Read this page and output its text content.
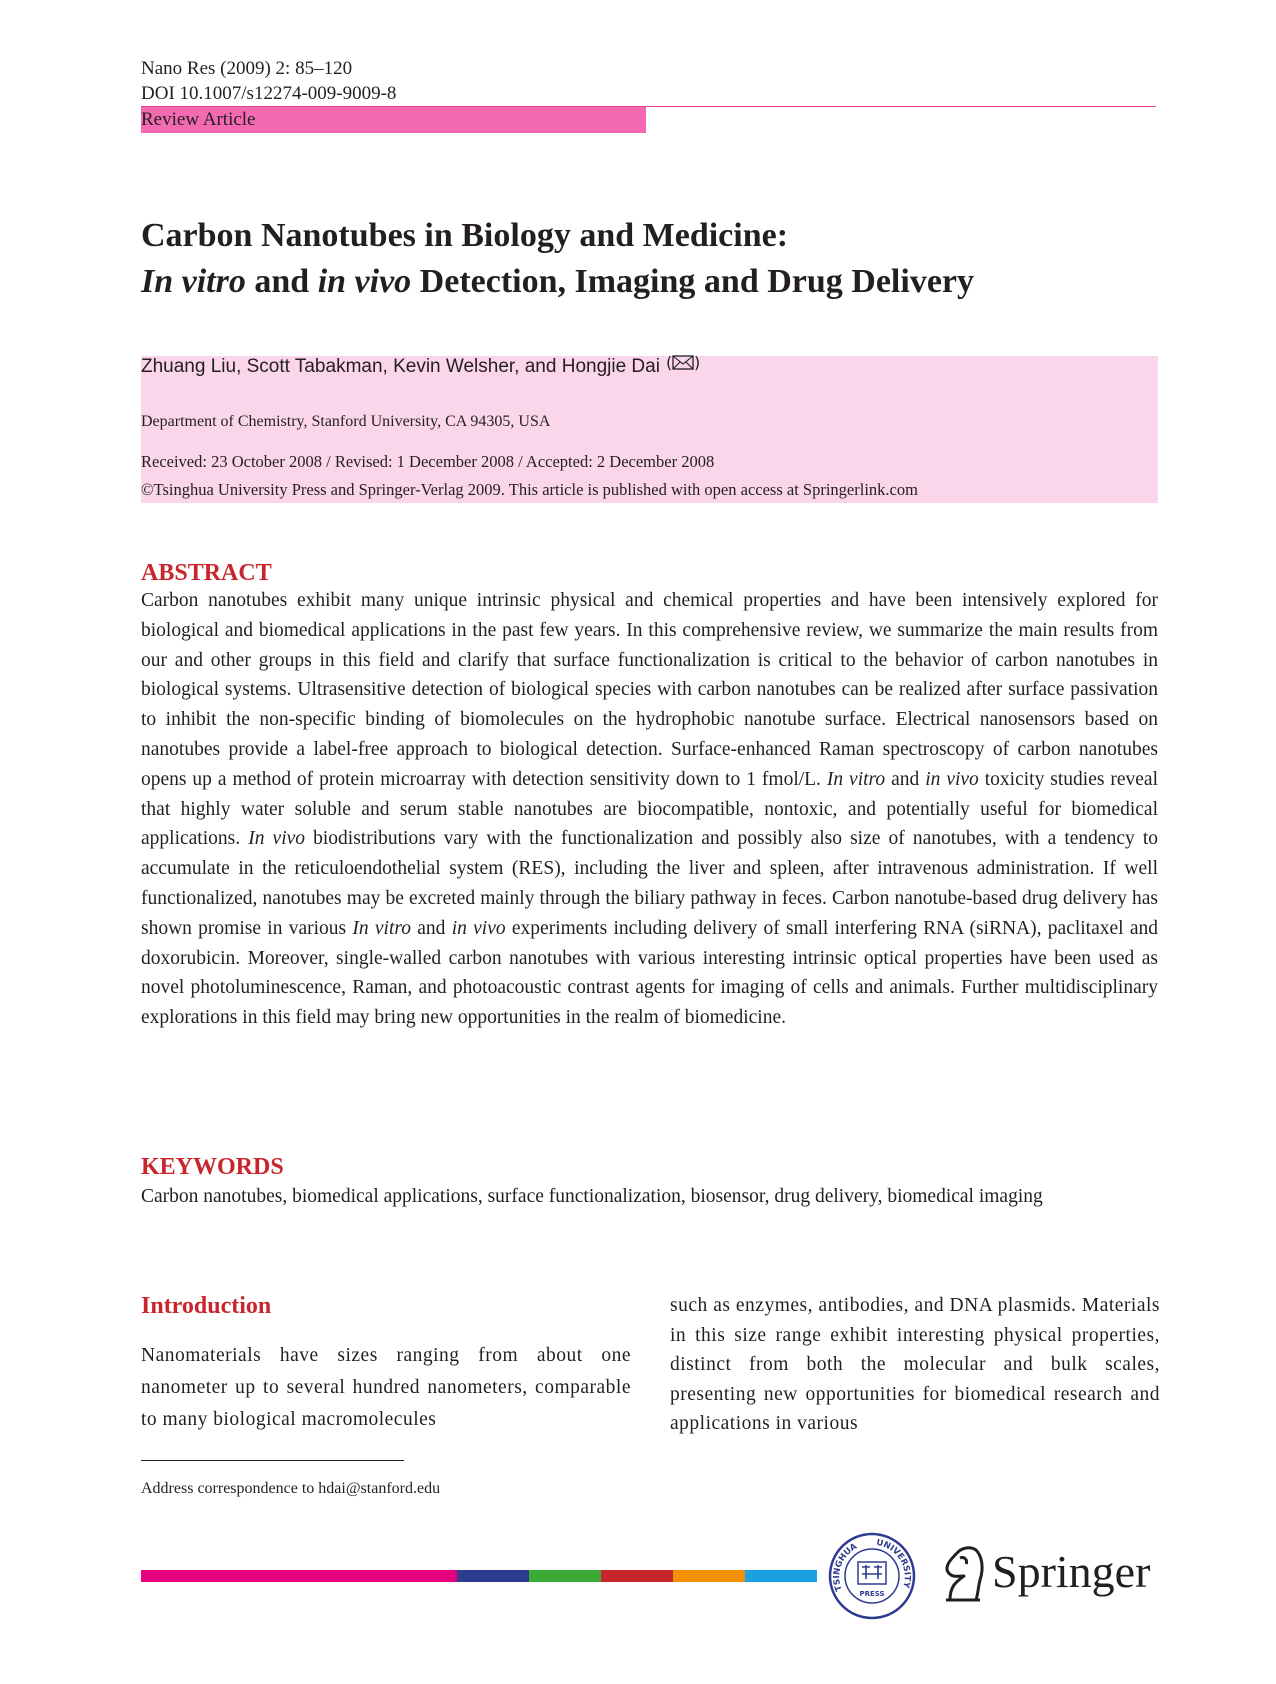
Nano Res (2009) 2: 85–120
DOI 10.1007/s12274-009-9009-8
Review Article
Carbon Nanotubes in Biology and Medicine:
In vitro and in vivo Detection, Imaging and Drug Delivery
Zhuang Liu, Scott Tabakman, Kevin Welsher, and Hongjie Dai ( )
Department of Chemistry, Stanford University, CA 94305, USA
Received: 23 October 2008 / Revised: 1 December 2008 / Accepted: 2 December 2008
©Tsinghua University Press and Springer-Verlag 2009. This article is published with open access at Springerlink.com
ABSTRACT
Carbon nanotubes exhibit many unique intrinsic physical and chemical properties and have been intensively explored for biological and biomedical applications in the past few years. In this comprehensive review, we summarize the main results from our and other groups in this field and clarify that surface functionalization is critical to the behavior of carbon nanotubes in biological systems. Ultrasensitive detection of biological species with carbon nanotubes can be realized after surface passivation to inhibit the non-specific binding of biomolecules on the hydrophobic nanotube surface. Electrical nanosensors based on nanotubes provide a label-free approach to biological detection. Surface-enhanced Raman spectroscopy of carbon nanotubes opens up a method of protein microarray with detection sensitivity down to 1 fmol/L. In vitro and in vivo toxicity studies reveal that highly water soluble and serum stable nanotubes are biocompatible, nontoxic, and potentially useful for biomedical applications. In vivo biodistributions vary with the functionalization and possibly also size of nanotubes, with a tendency to accumulate in the reticuloendothelial system (RES), including the liver and spleen, after intravenous administration. If well functionalized, nanotubes may be excreted mainly through the biliary pathway in feces. Carbon nanotube-based drug delivery has shown promise in various In vitro and in vivo experiments including delivery of small interfering RNA (siRNA), paclitaxel and doxorubicin. Moreover, single-walled carbon nanotubes with various interesting intrinsic optical properties have been used as novel photoluminescence, Raman, and photoacoustic contrast agents for imaging of cells and animals. Further multidisciplinary explorations in this field may bring new opportunities in the realm of biomedicine.
KEYWORDS
Carbon nanotubes, biomedical applications, surface functionalization, biosensor, drug delivery, biomedical imaging
Introduction
Nanomaterials have sizes ranging from about one nanometer up to several hundred nanometers, comparable to many biological macromolecules
such as enzymes, antibodies, and DNA plasmids. Materials in this size range exhibit interesting physical properties, distinct from both the molecular and bulk scales, presenting new opportunities for biomedical research and applications in various
Address correspondence to hdai@stanford.edu
TSINGHUA UNIVERSITY
PRESS Springer
